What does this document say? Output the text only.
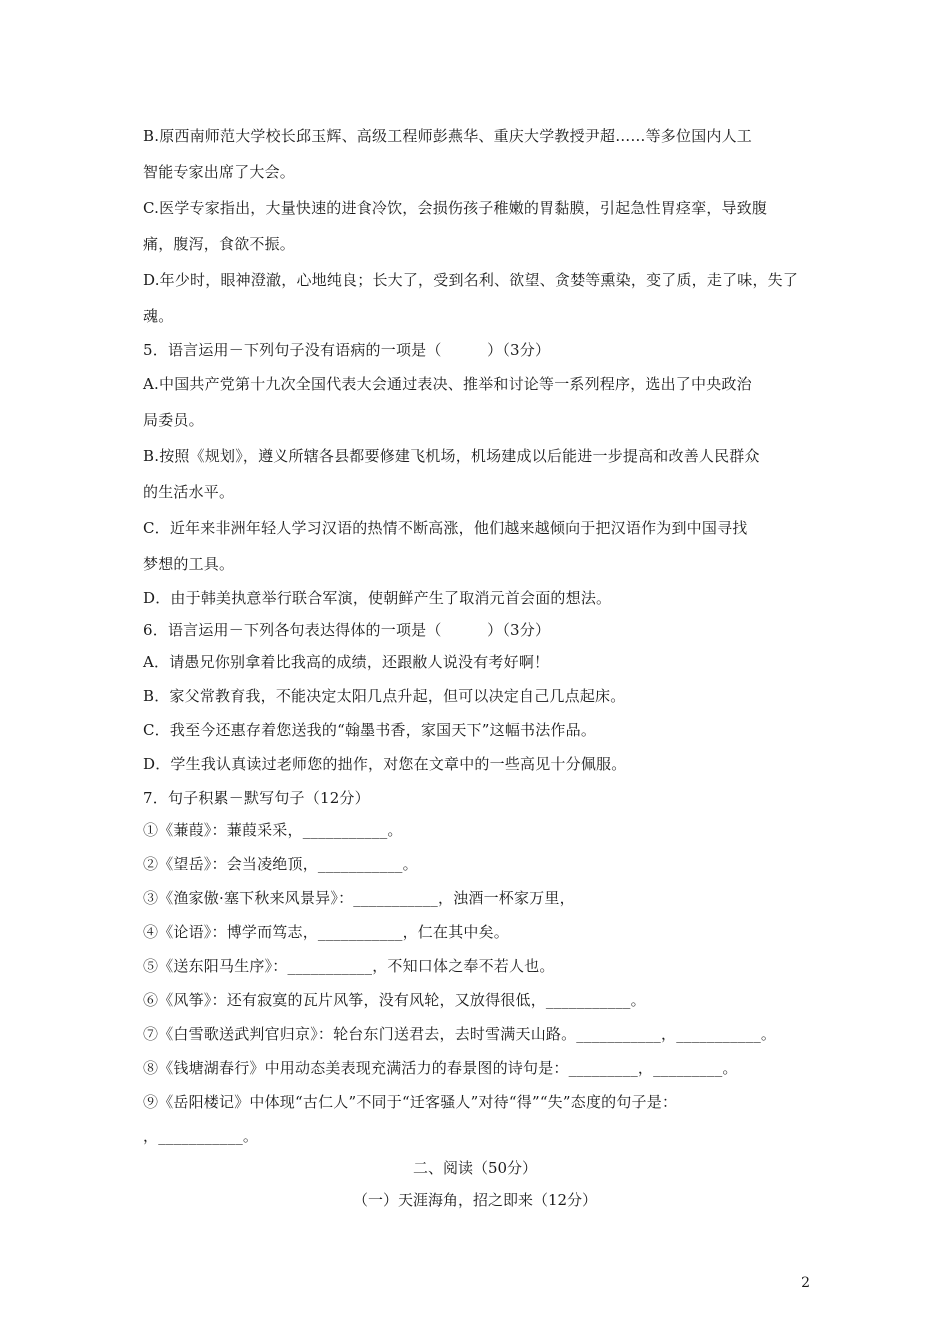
B.原西南师范大学校长邱玉辉、高级工程师彭燕华、重庆大学教授尹超……等多位国内人工
智能专家出席了大会。
C.医学专家指出，大量快速的进食冷饮，会损伤孩子稚嫩的胃黏膜，引起急性胃痉挛，导致腹
痛，腹泻，食欲不振。
D.年少时，眼神澄澈，心地纯良；长大了，受到名利、欲望、贪婪等熏染，变了质，走了味，失了
魂。
5．语言运用－下列句子没有语病的一项是（　　　）（3分）
A.中国共产党第十九次全国代表大会通过表决、推举和讨论等一系列程序，选出了中央政治
局委员。
B.按照《规划》，遵义所辖各县都要修建飞机场，机场建成以后能进一步提高和改善人民群众
的生活水平。
C．近年来非洲年轻人学习汉语的热情不断高涨，他们越来越倾向于把汉语作为到中国寻找
梦想的工具。
D．由于韩美执意举行联合军演，使朝鲜产生了取消元首会面的想法。
6．语言运用－下列各句表达得体的一项是（　　　）（3分）
A．请愚兄你别拿着比我高的成绩，还跟敝人说没有考好啊！
B．家父常教育我，不能决定太阳几点升起，但可以决定自己几点起床。
C．我至今还惠存着您送我的“翰墨书香，家国天下”这幅书法作品。
D．学生我认真读过老师您的拙作，对您在文章中的一些高见十分佩服。
7．句子积累－默写句子（12分）
①《蒹葭》：蒹葭采采，___________。
②《望岳》：会当凌绝顶，___________。
③《渔家傲·塞下秋来风景异》：___________，浊酒一杯家万里，
④《论语》：博学而笃志，___________，仁在其中矣。
⑤《送东阳马生序》：___________，不知口体之奉不若人也。
⑥《风筝》：还有寂寞的瓦片风筝，没有风轮，又放得很低，___________。
⑦《白雪歌送武判官归京》：轮台东门送君去，去时雪满天山路。___________，___________。
⑧《钱塘湖春行》中用动态美表现充满活力的春景图的诗句是：_________，_________。
⑨《岳阳楼记》中体现“古仁人”不同于“迁客骚人”对待“得”“失”态度的句子是：
，___________。
二、阅读（50分）
（一）天涯海角，招之即来（12分）
2
